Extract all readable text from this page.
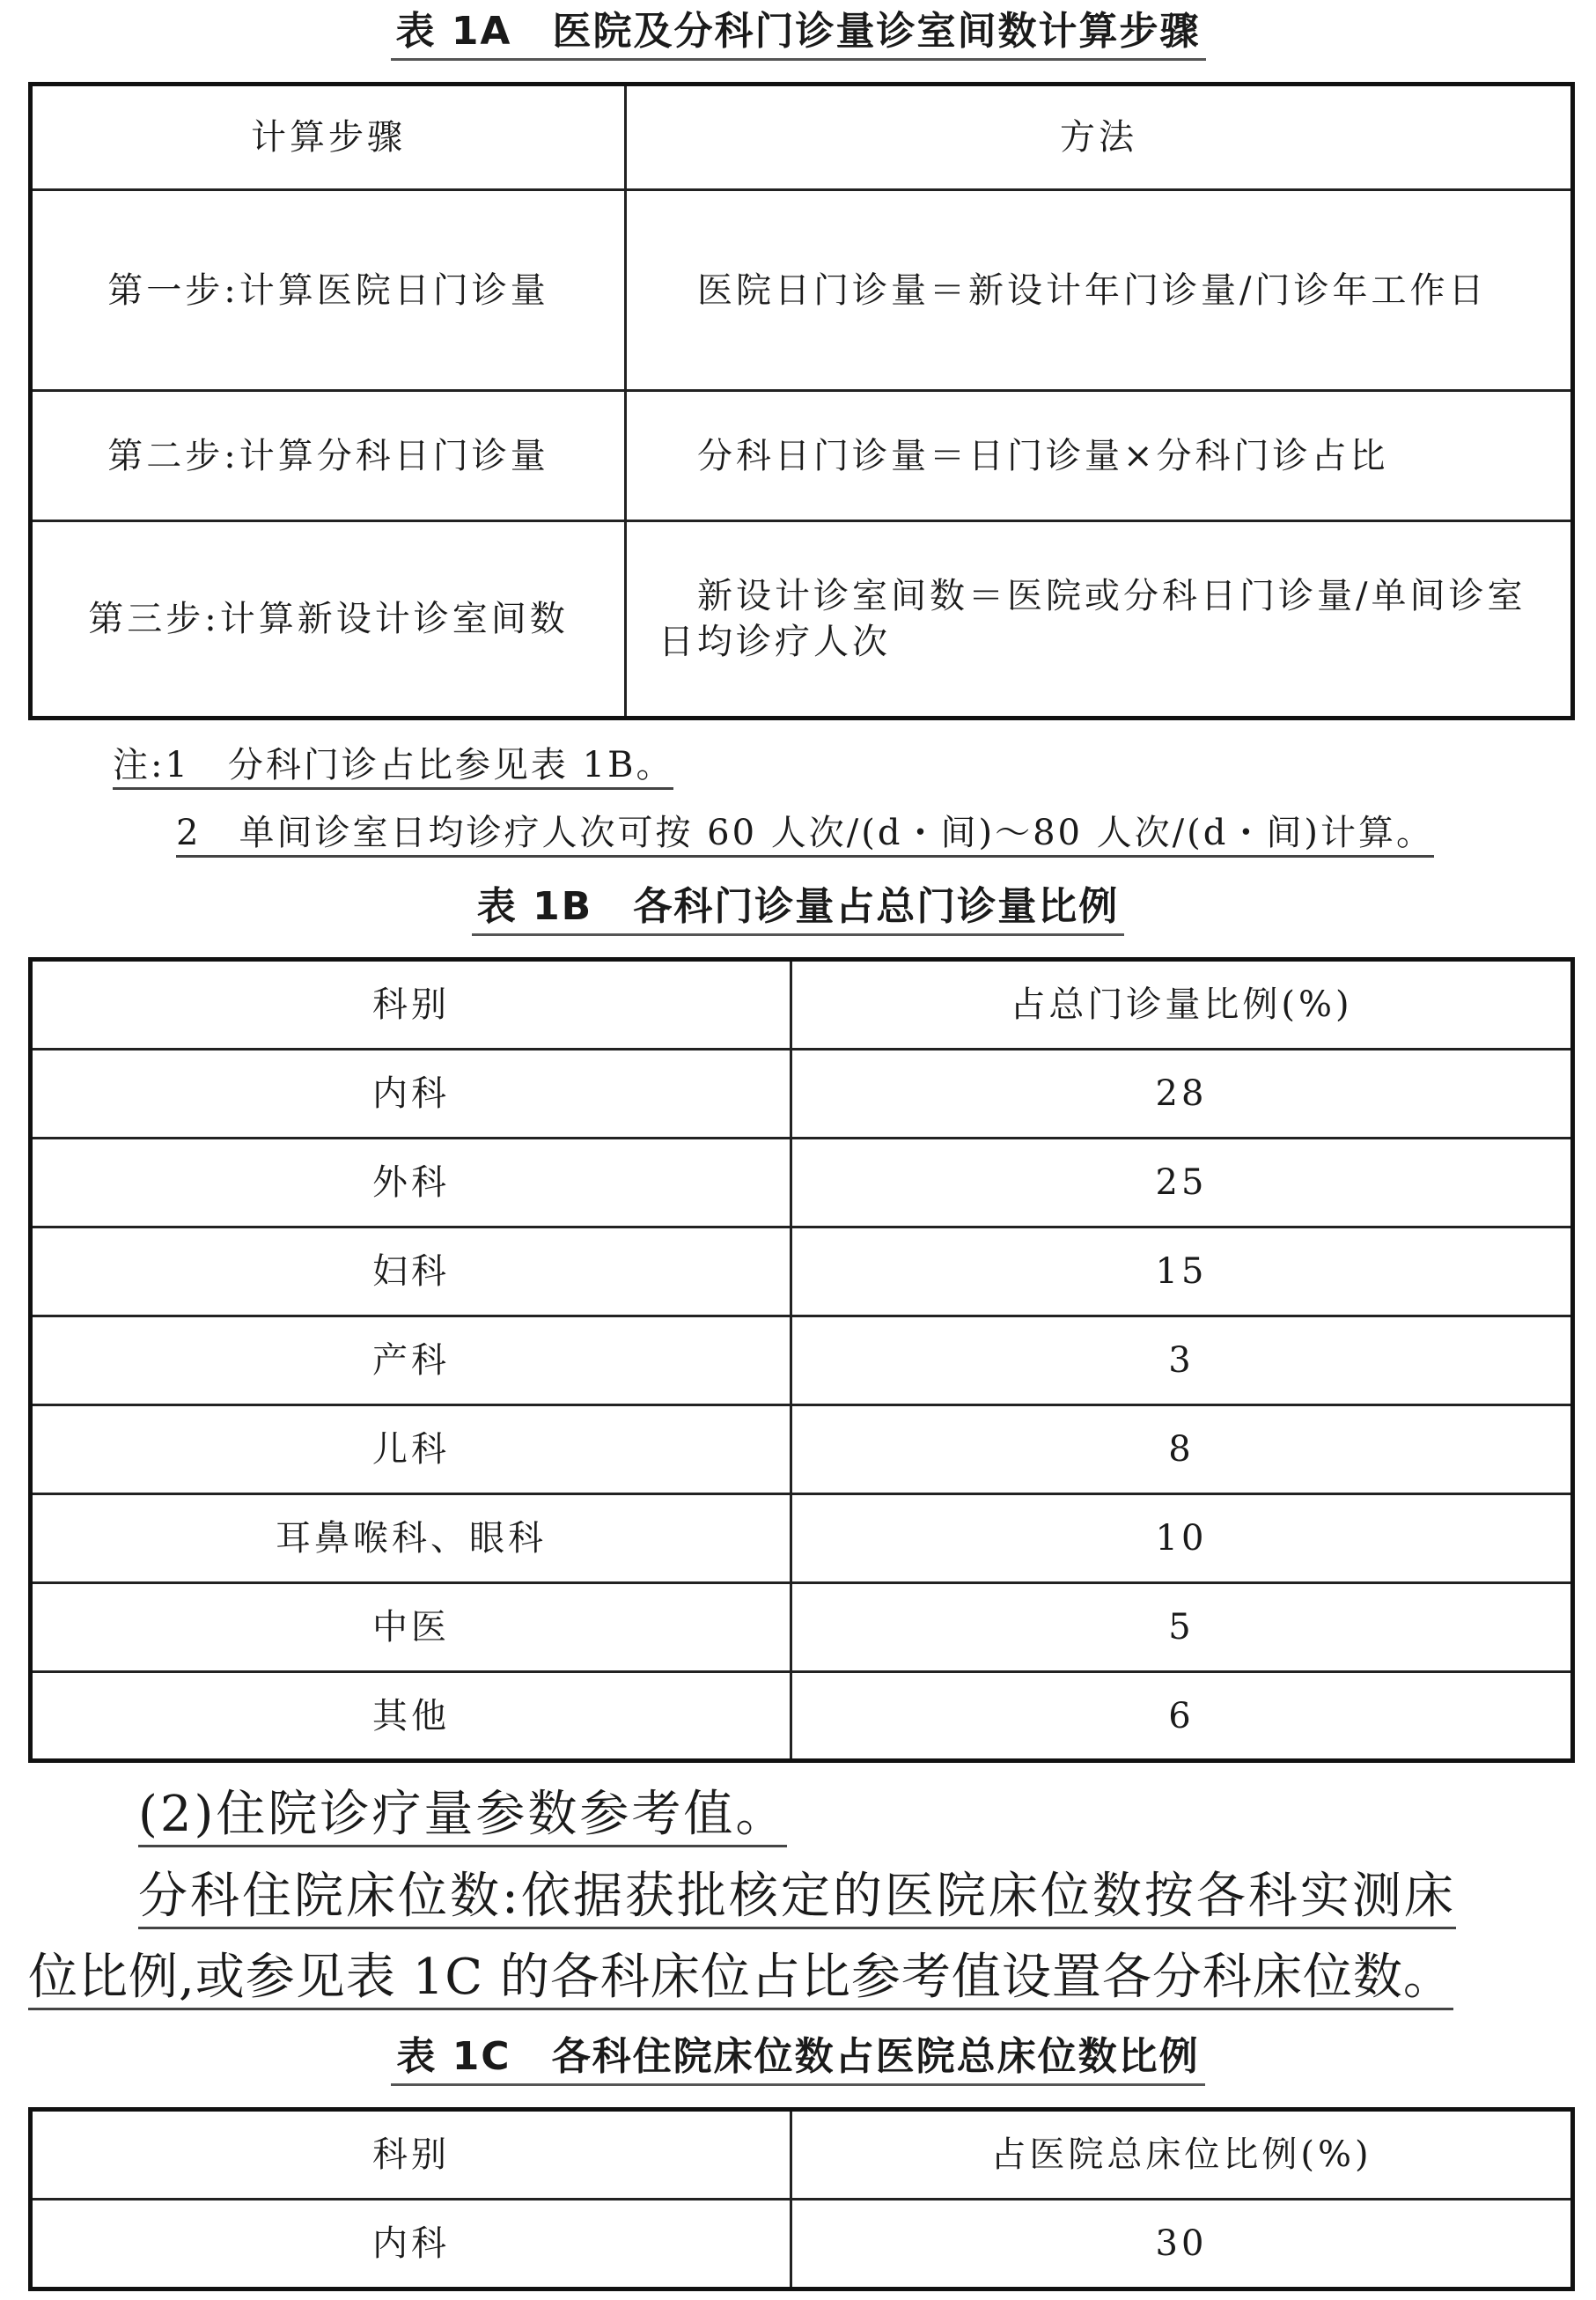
表 1A　医院及分科门诊量诊室间数计算步骤
计算步骤	方法
第一步:计算医院日门诊量	医院日门诊量＝新设计年门诊量/门诊年工作日
第二步:计算分科日门诊量	分科日门诊量＝日门诊量×分科门诊占比
第三步:计算新设计诊室间数	新设计诊室间数＝医院或分科日门诊量/单间诊室日均诊疗人次
注:1　分科门诊占比参见表 1B。
2　单间诊室日均诊疗人次可按 60 人次/(d・间)～80 人次/(d・间)计算。
表 1B　各科门诊量占总门诊量比例
科别	占总门诊量比例(%)
内科	28
外科	25
妇科	15
产科	3
儿科	8
耳鼻喉科、眼科	10
中医	5
其他	6
(2)住院诊疗量参数参考值。
分科住院床位数:依据获批核定的医院床位数按各科实测床
位比例,或参见表 1C 的各科床位占比参考值设置各分科床位数。
表 1C　各科住院床位数占医院总床位数比例
科别	占医院总床位比例(%)
内科	30
